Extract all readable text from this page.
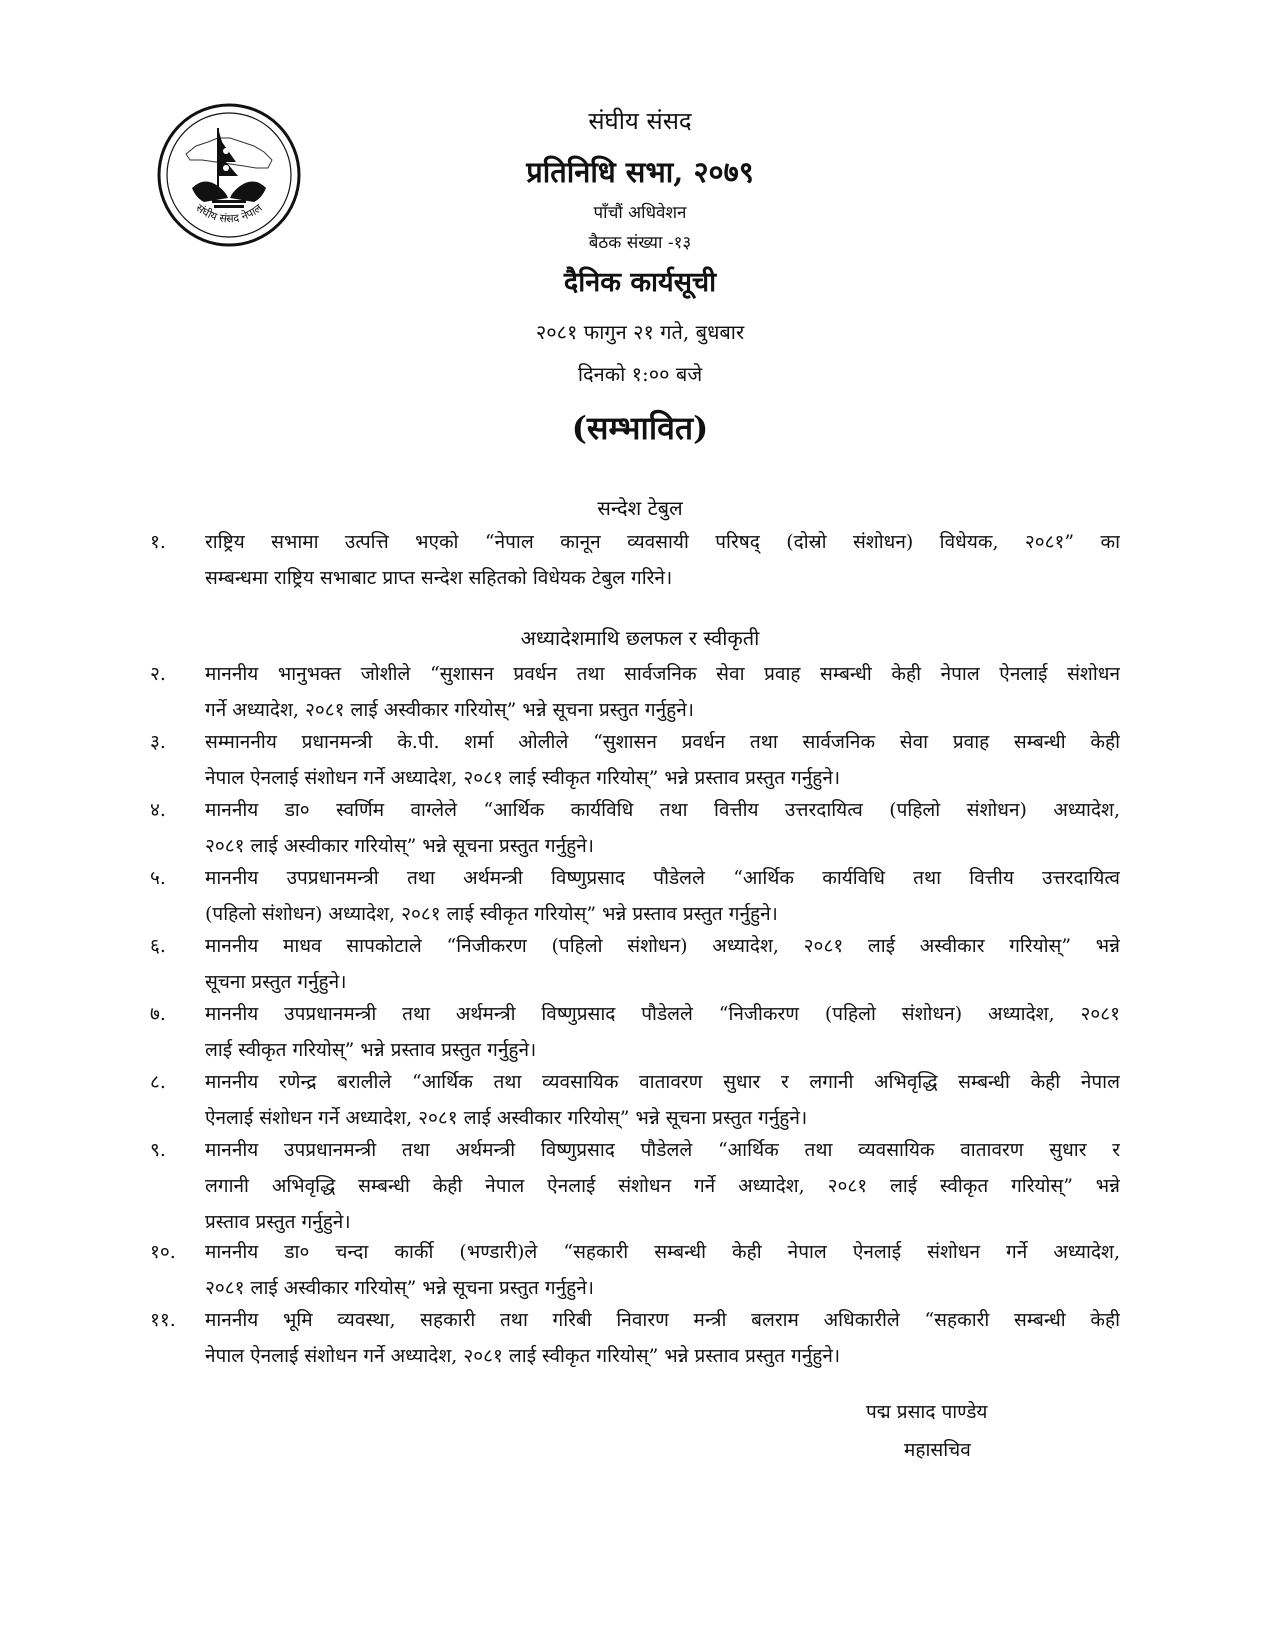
संघीय संसद नेपाल
संघीय संसद
प्रतिनिधि सभा, २०७९
पाँचौं अधिवेशन
बैठक संख्या -१३
दैनिक कार्यसूची
२०८१ फागुन २१ गते, बुधबार
दिनको १:०० बजे
(सम्भावित)
सन्देश टेबुल
१.	राष्ट्रिय सभामा उत्पत्ति भएको “नेपाल कानून व्यवसायी परिषद् (दोस्रो संशोधन) विधेयक, २०८१” का
सम्बन्धमा राष्ट्रिय सभाबाट प्राप्त सन्देश सहितको विधेयक टेबुल गरिने।
अध्यादेशमाथि छलफल र स्वीकृती
२.	माननीय भानुभक्त जोशीले “सुशासन प्रवर्धन तथा सार्वजनिक सेवा प्रवाह सम्बन्धी केही नेपाल ऐनलाई संशोधन
गर्ने अध्यादेश, २०८१ लाई अस्वीकार गरियोस्” भन्ने सूचना प्रस्तुत गर्नुहुने।
३.	सम्माननीय प्रधानमन्त्री के.पी. शर्मा ओलीले “सुशासन प्रवर्धन तथा सार्वजनिक सेवा प्रवाह सम्बन्धी केही
नेपाल ऐनलाई संशोधन गर्ने अध्यादेश, २०८१ लाई स्वीकृत गरियोस्” भन्ने प्रस्ताव प्रस्तुत गर्नुहुने।
४.	माननीय डा० स्वर्णिम वाग्लेले “आर्थिक कार्यविधि तथा वित्तीय उत्तरदायित्व (पहिलो संशोधन) अध्यादेश,
२०८१ लाई अस्वीकार गरियोस्” भन्ने सूचना प्रस्तुत गर्नुहुने।
५.	माननीय उपप्रधानमन्त्री तथा अर्थमन्त्री विष्णुप्रसाद पौडेलले “आर्थिक कार्यविधि तथा वित्तीय उत्तरदायित्व
(पहिलो संशोधन) अध्यादेश, २०८१ लाई स्वीकृत गरियोस्” भन्ने प्रस्ताव प्रस्तुत गर्नुहुने।
६.	माननीय माधव सापकोटाले “निजीकरण (पहिलो संशोधन) अध्यादेश, २०८१ लाई अस्वीकार गरियोस्” भन्ने
सूचना प्रस्तुत गर्नुहुने।
७.	माननीय उपप्रधानमन्त्री तथा अर्थमन्त्री विष्णुप्रसाद पौडेलले “निजीकरण (पहिलो संशोधन) अध्यादेश, २०८१
लाई स्वीकृत गरियोस्” भन्ने प्रस्ताव प्रस्तुत गर्नुहुने।
८.	माननीय रणेन्द्र बरालीले “आर्थिक तथा व्यवसायिक वातावरण सुधार र लगानी अभिवृद्धि सम्बन्धी केही नेपाल
ऐनलाई संशोधन गर्ने अध्यादेश, २०८१ लाई अस्वीकार गरियोस्” भन्ने सूचना प्रस्तुत गर्नुहुने।
९.	माननीय उपप्रधानमन्त्री तथा अर्थमन्त्री विष्णुप्रसाद पौडेलले “आर्थिक तथा व्यवसायिक वातावरण सुधार र
लगानी अभिवृद्धि सम्बन्धी केही नेपाल ऐनलाई संशोधन गर्ने अध्यादेश, २०८१ लाई स्वीकृत गरियोस्” भन्ने
प्रस्ताव प्रस्तुत गर्नुहुने।
१०.	माननीय डा० चन्दा कार्की (भण्डारी)ले “सहकारी सम्बन्धी केही नेपाल ऐनलाई संशोधन गर्ने अध्यादेश,
२०८१ लाई अस्वीकार गरियोस्” भन्ने सूचना प्रस्तुत गर्नुहुने।
११.	माननीय भूमि व्यवस्था, सहकारी तथा गरिबी निवारण मन्त्री बलराम अधिकारीले “सहकारी सम्बन्धी केही
नेपाल ऐनलाई संशोधन गर्ने अध्यादेश, २०८१ लाई स्वीकृत गरियोस्” भन्ने प्रस्ताव प्रस्तुत गर्नुहुने।
पद्म प्रसाद पाण्डेय
महासचिव
